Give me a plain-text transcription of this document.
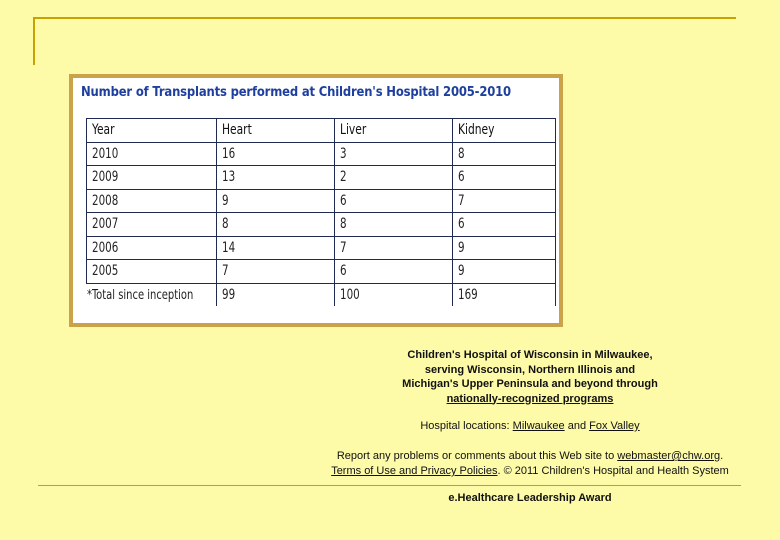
Number of Transplants performed at Children's Hospital 2005-2010
Year	Heart	Liver	Kidney
2010	16	3	8
2009	13	2	6
2008	9	6	7
2007	8	8	6
2006	14	7	9
2005	7	6	9
*Total since inception	99	100	169
Children's Hospital of Wisconsin in Milwaukee,
serving Wisconsin, Northern Illinois and
Michigan's Upper Peninsula and beyond through
nationally-recognized programs
Hospital locations: Milwaukee and Fox Valley
Report any problems or comments about this Web site to webmaster@chw.org.
Terms of Use and Privacy Policies. © 2011 Children's Hospital and Health System
e.Healthcare Leadership Award
